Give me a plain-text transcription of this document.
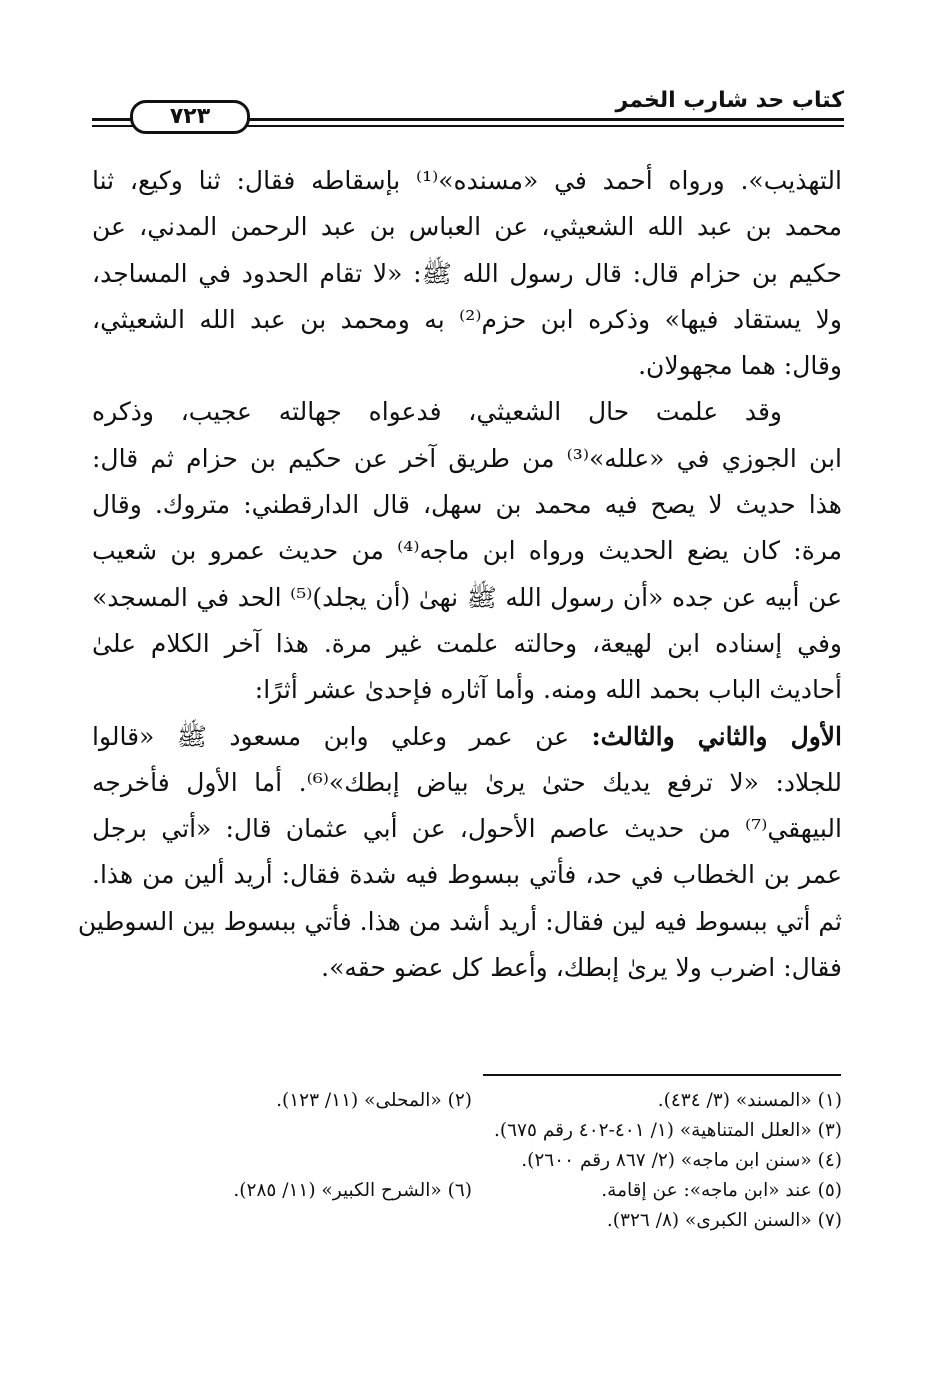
كتاب حد شارب الخمر
٧٢٣

التهذيب». ورواه أحمد في «مسنده»⁽¹⁾ بإسقاطه فقال: ثنا وكيع، ثنا
محمد بن عبد الله الشعيثي، عن العباس بن عبد الرحمن المدني، عن
حكيم بن حزام قال: قال رسول الله ﷺ: «لا تقام الحدود في المساجد،
ولا يستقاد فيها» وذكره ابن حزم⁽²⁾ به ومحمد بن عبد الله الشعيثي،
وقال: هما مجهولان.

وقد علمت حال الشعيثي، فدعواه جهالته عجيب، وذكره
ابن الجوزي في «علله»⁽³⁾ من طريق آخر عن حكيم بن حزام ثم قال:
هذا حديث لا يصح فيه محمد بن سهل، قال الدارقطني: متروك. وقال
مرة: كان يضع الحديث ورواه ابن ماجه⁽⁴⁾ من حديث عمرو بن شعيب
عن أبيه عن جده «أن رسول الله ﷺ نهىٰ (أن يجلد)⁽⁵⁾ الحد في المسجد»
وفي إسناده ابن لهيعة، وحالته علمت غير مرة. هذا آخر الكلام علىٰ
أحاديث الباب بحمد الله ومنه. وأما آثاره فإحدىٰ عشر أثرًا:

الأول والثاني والثالث: عن عمر وعلي وابن مسعود ﷺ «قالوا
للجلاد: «لا ترفع يديك حتىٰ يرىٰ بياض إبطك»⁽⁶⁾. أما الأول فأخرجه
البيهقي⁽⁷⁾ من حديث عاصم الأحول، عن أبي عثمان قال: «أتي برجل
عمر بن الخطاب في حد، فأتي ببسوط فيه شدة فقال: أريد ألين من هذا.
ثم أتي ببسوط فيه لين فقال: أريد أشد من هذا. فأتي ببسوط بين السوطين
فقال: اضرب ولا يرىٰ إبطك، وأعط كل عضو حقه».

(١) «المسند» (٣/ ٤٣٤).
(٢) «المحلى» (١١/ ١٢٣).
(٣) «العلل المتناهية» (١/ ٤٠١-٤٠٢ رقم ٦٧٥).
(٤) «سنن ابن ماجه» (٢/ ٨٦٧ رقم ٢٦٠٠).
(٥) عند «ابن ماجه»: عن إقامة.
(٦) «الشرح الكبير» (١١/ ٢٨٥).
(٧) «السنن الكبرى» (٨/ ٣٢٦).
